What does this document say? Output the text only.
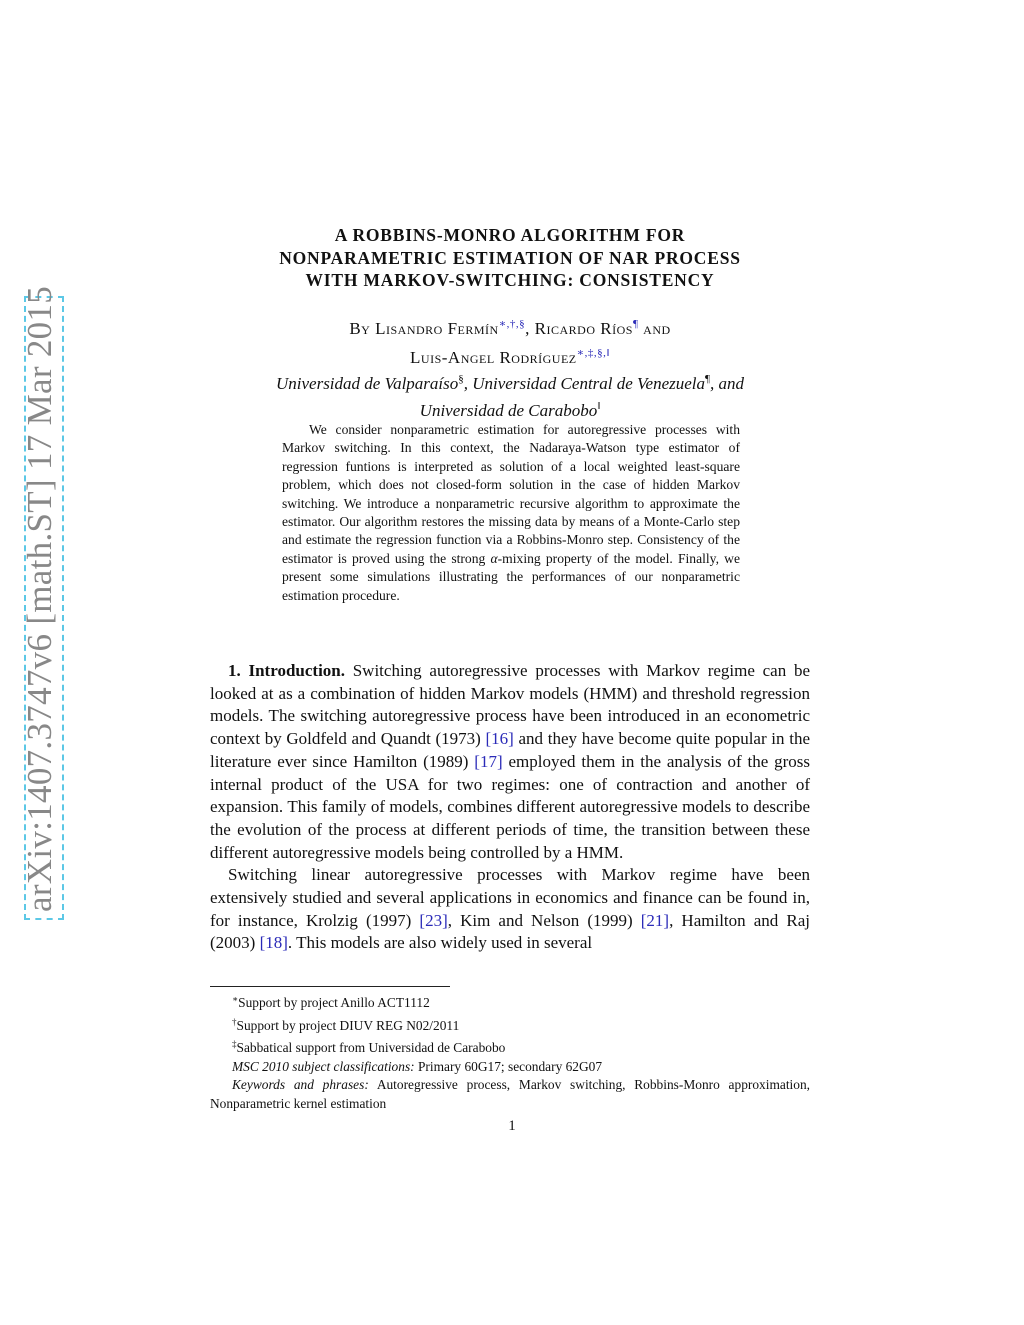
arXiv:1407.3747v6 [math.ST] 17 Mar 2015
A ROBBINS-MONRO ALGORITHM FOR
NONPARAMETRIC ESTIMATION OF NAR PROCESS
WITH MARKOV-SWITCHING: CONSISTENCY
By Lisandro Fermín∗,†,§, Ricardo Ríos¶ and
Luis-Angel Rodríguez∗,‡,§,‖
Universidad de Valparaíso§, Universidad Central de Venezuela¶, and
Universidad de Carabobo‖

We consider nonparametric estimation for autoregressive processes with Markov switching. In this context, the Nadaraya-Watson type estimator of regression funtions is interpreted as solution of a local weighted least-square problem, which does not closed-form solution in the case of hidden Markov switching. We introduce a nonparametric recursive algorithm to approximate the estimator. Our algorithm restores the missing data by means of a Monte-Carlo step and estimate the regression function via a Robbins-Monro step. Consistency of the estimator is proved using the strong α-mixing property of the model. Finally, we present some simulations illustrating the performances of our nonparametric estimation procedure.

1. Introduction. Switching autoregressive processes with Markov regime can be looked at as a combination of hidden Markov models (HMM) and threshold regression models. The switching autoregressive process have been introduced in an econometric context by Goldfeld and Quandt (1973) [16] and they have become quite popular in the literature ever since Hamilton (1989) [17] employed them in the analysis of the gross internal product of the USA for two regimes: one of contraction and another of expansion. This family of models, combines different autoregressive models to describe the evolution of the process at different periods of time, the transition between these different autoregressive models being controlled by a HMM.

Switching linear autoregressive processes with Markov regime have been extensively studied and several applications in economics and finance can be found in, for instance, Krolzig (1997) [23], Kim and Nelson (1999) [21], Hamilton and Raj (2003) [18]. This models are also widely used in several

∗Support by project Anillo ACT1112

†Support by project DIUV REG N02/2011

‡Sabbatical support from Universidad de Carabobo

MSC 2010 subject classifications: Primary 60G17; secondary 62G07

Keywords and phrases: Autoregressive process, Markov switching, Robbins-Monro approximation, Nonparametric kernel estimation

1
